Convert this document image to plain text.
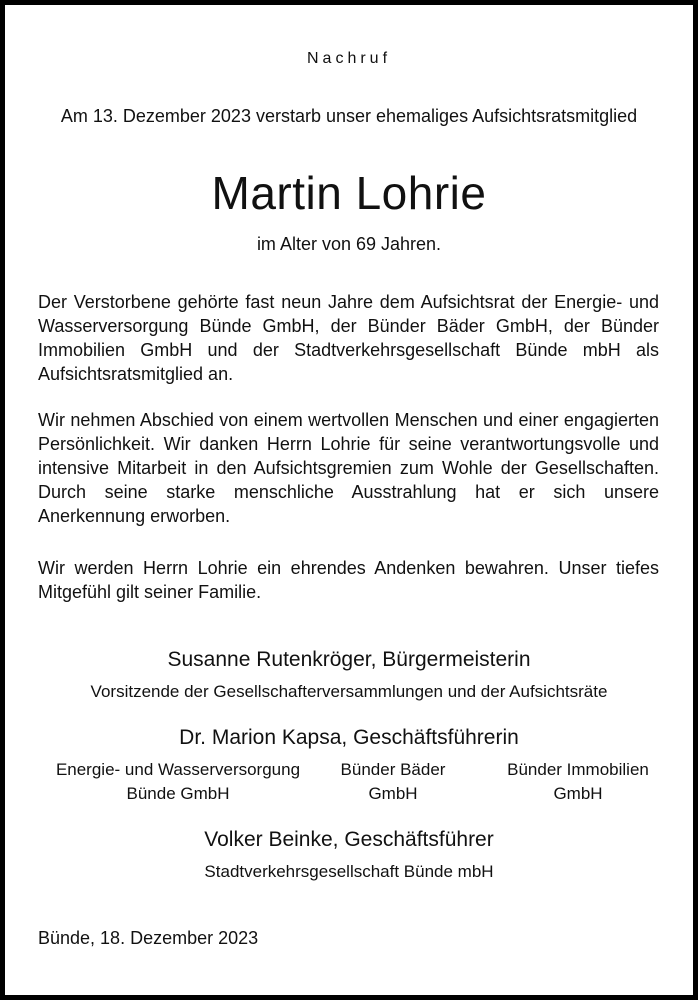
Nachruf
Am 13. Dezember 2023 verstarb unser ehemaliges Aufsichtsratsmitglied
Martin Lohrie
im Alter von 69 Jahren.

Der Verstorbene gehörte fast neun Jahre dem Aufsichtsrat der Energie- und Wasserversorgung Bünde GmbH, der Bünder Bäder GmbH, der Bünder Immobilien GmbH und der Stadtverkehrsgesellschaft Bünde mbH als Aufsichtsratsmitglied an.

Wir nehmen Abschied von einem wertvollen Menschen und einer engagierten Persönlichkeit. Wir danken Herrn Lohrie für seine verantwortungsvolle und intensive Mitarbeit in den Aufsichtsgremien zum Wohle der Gesellschaften. Durch seine starke menschliche Ausstrahlung hat er sich unsere Anerkennung erworben.

Wir werden Herrn Lohrie ein ehrendes Andenken bewahren. Unser tiefes Mitgefühl gilt seiner Familie.

Susanne Rutenkröger, Bürgermeisterin
Vorsitzende der Gesellschafterversammlungen und der Aufsichtsräte
Dr. Marion Kapsa, Geschäftsführerin
Energie- und Wasserversorgung
Bünde GmbH
Bünder Bäder
GmbH
Bünder Immobilien
GmbH
Volker Beinke, Geschäftsführer
Stadtverkehrsgesellschaft Bünde mbH
Bünde, 18. Dezember 2023
